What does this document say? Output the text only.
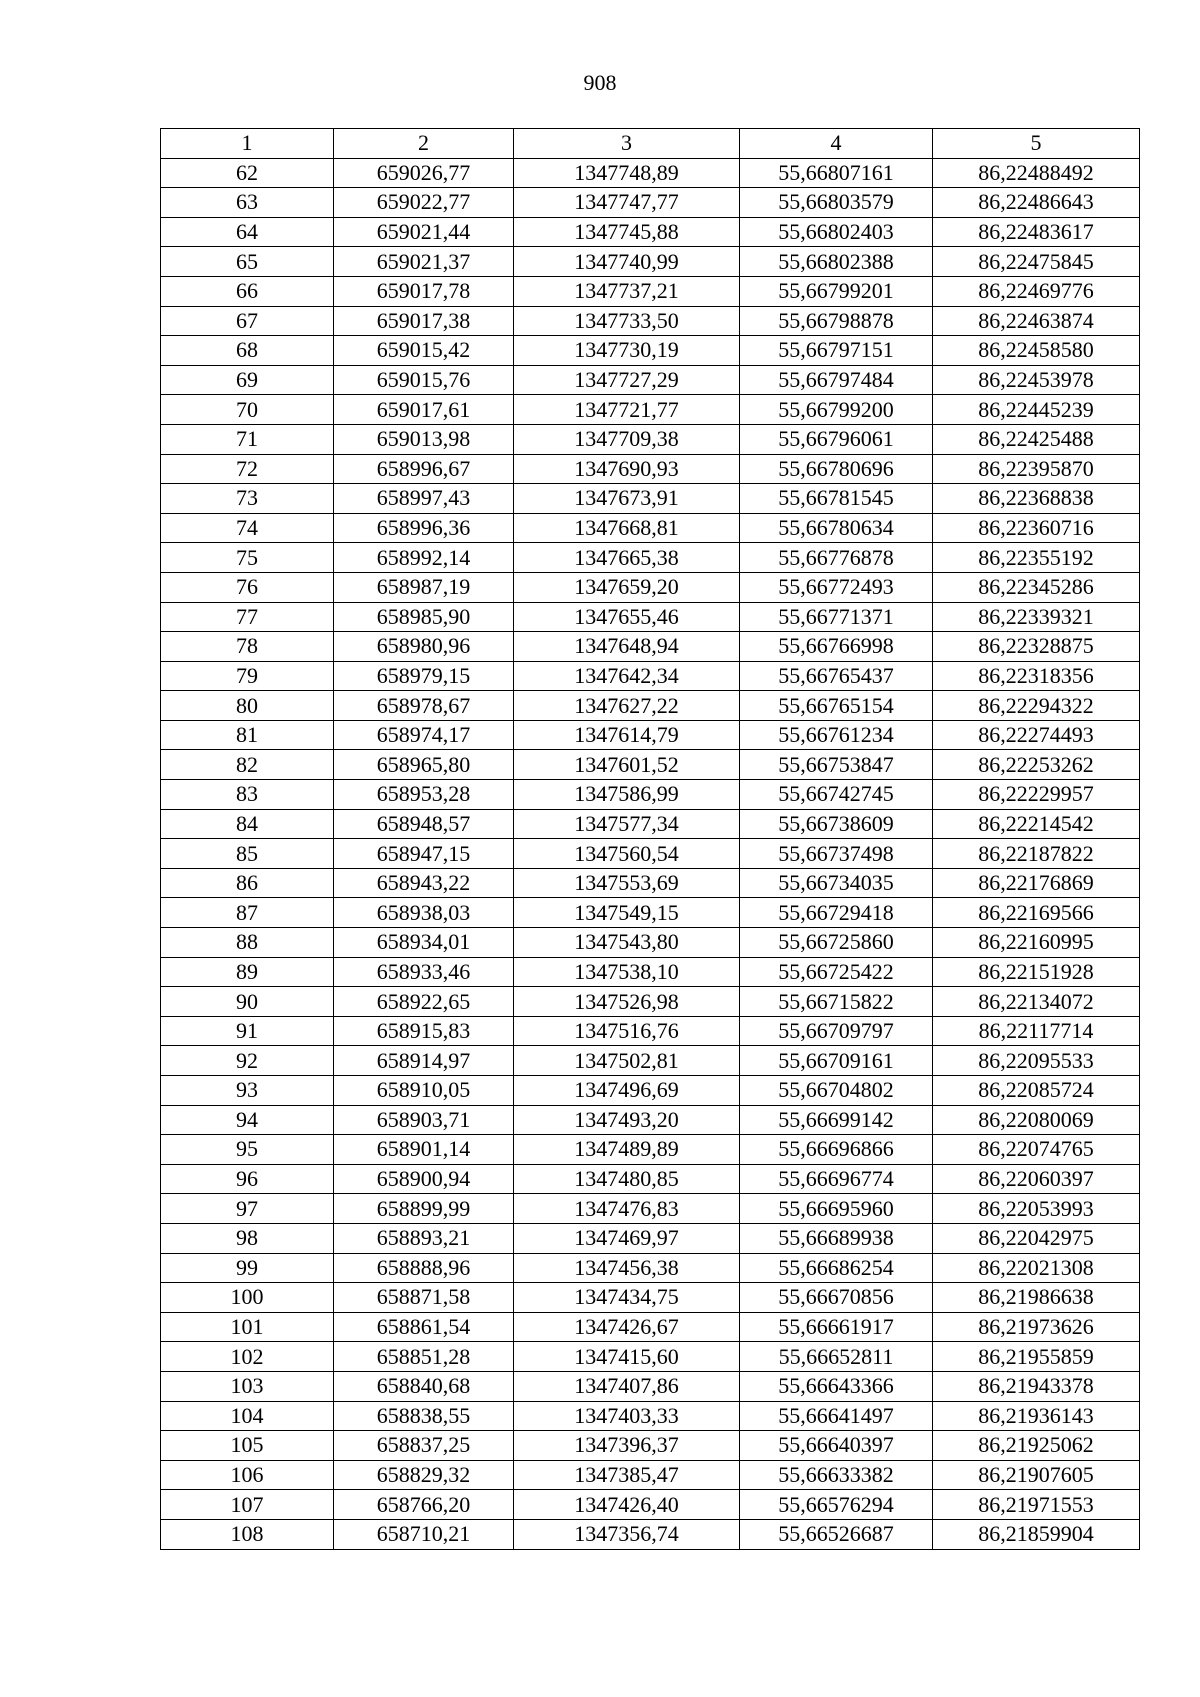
908
1	2	3	4	5
62	659026,77	1347748,89	55,66807161	86,22488492
63	659022,77	1347747,77	55,66803579	86,22486643
64	659021,44	1347745,88	55,66802403	86,22483617
65	659021,37	1347740,99	55,66802388	86,22475845
66	659017,78	1347737,21	55,66799201	86,22469776
67	659017,38	1347733,50	55,66798878	86,22463874
68	659015,42	1347730,19	55,66797151	86,22458580
69	659015,76	1347727,29	55,66797484	86,22453978
70	659017,61	1347721,77	55,66799200	86,22445239
71	659013,98	1347709,38	55,66796061	86,22425488
72	658996,67	1347690,93	55,66780696	86,22395870
73	658997,43	1347673,91	55,66781545	86,22368838
74	658996,36	1347668,81	55,66780634	86,22360716
75	658992,14	1347665,38	55,66776878	86,22355192
76	658987,19	1347659,20	55,66772493	86,22345286
77	658985,90	1347655,46	55,66771371	86,22339321
78	658980,96	1347648,94	55,66766998	86,22328875
79	658979,15	1347642,34	55,66765437	86,22318356
80	658978,67	1347627,22	55,66765154	86,22294322
81	658974,17	1347614,79	55,66761234	86,22274493
82	658965,80	1347601,52	55,66753847	86,22253262
83	658953,28	1347586,99	55,66742745	86,22229957
84	658948,57	1347577,34	55,66738609	86,22214542
85	658947,15	1347560,54	55,66737498	86,22187822
86	658943,22	1347553,69	55,66734035	86,22176869
87	658938,03	1347549,15	55,66729418	86,22169566
88	658934,01	1347543,80	55,66725860	86,22160995
89	658933,46	1347538,10	55,66725422	86,22151928
90	658922,65	1347526,98	55,66715822	86,22134072
91	658915,83	1347516,76	55,66709797	86,22117714
92	658914,97	1347502,81	55,66709161	86,22095533
93	658910,05	1347496,69	55,66704802	86,22085724
94	658903,71	1347493,20	55,66699142	86,22080069
95	658901,14	1347489,89	55,66696866	86,22074765
96	658900,94	1347480,85	55,66696774	86,22060397
97	658899,99	1347476,83	55,66695960	86,22053993
98	658893,21	1347469,97	55,66689938	86,22042975
99	658888,96	1347456,38	55,66686254	86,22021308
100	658871,58	1347434,75	55,66670856	86,21986638
101	658861,54	1347426,67	55,66661917	86,21973626
102	658851,28	1347415,60	55,66652811	86,21955859
103	658840,68	1347407,86	55,66643366	86,21943378
104	658838,55	1347403,33	55,66641497	86,21936143
105	658837,25	1347396,37	55,66640397	86,21925062
106	658829,32	1347385,47	55,66633382	86,21907605
107	658766,20	1347426,40	55,66576294	86,21971553
108	658710,21	1347356,74	55,66526687	86,21859904
